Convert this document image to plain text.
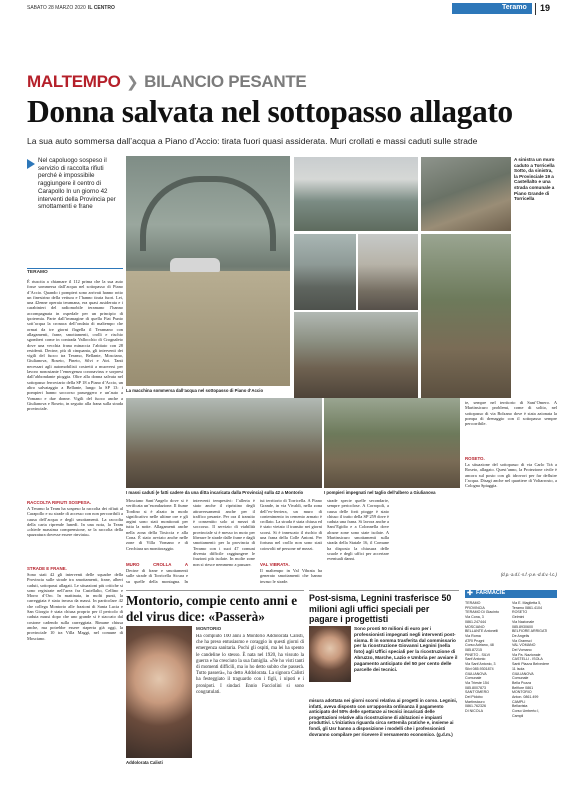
SABATO 28 MARZO 2020 IL CENTRO	Teramo 19
MALTEMPO ❯ BILANCIO PESANTE
Donna salvata nel sottopasso allagato
La sua auto sommersa dall’acqua a Piano d’Accio: tirata fuori quasi assiderata. Muri crollati e massi caduti sulle strade
Nel capoluogo sospeso il servizio di raccolta rifiuti perché è impossibile raggiungere il centro di Carapollo In un giorno 42 interventi della Provincia per smottamenti e frane
La macchina sommersa dall’acqua nel sottopasso di Piano d’Accio
A sinistra un muro caduto a Torricella Sotto, da sinistra, la Provinciale 19 a Castellalto e una strada comunale a Piano Grande di Torricella
TERAMO
È riuscita a chiamare il 112 prima che la sua auto fosse sommersa dall’acqua nel sottopasso di Piano d’Accio. Quando i pompieri sono arrivati hanno rotto un finestrino della vettura e l’hanno tirata fuori. Lei, una 42enne operaia teramana, era quasi assiderata e i carabinieri del radiomobile teramano l’hanno accompagnata in ospedale per un principio di ipotermia. Parte dall’immagine di quella Fiat Punto sott’acqua la cronaca dell’ondata di maltempo che ormai da tre giorni flagella il Teramano con allagamenti, frane, smottamenti, crolli e rischio sgomberi come in contrada Vallocchio di Crognaleto dove una vecchia frana minaccia l’abitato con 28 residenti. Decine, più di cinquanta, gli interventi dei vigili del fuoco tra Teramo, Bellante, Mosciano, Giulianova, Roseto, Pineto, Silvi e Atri. Tanti necessari agli automobilisti costretti a muoversi per lavoro nonostante l’emergenza coronavirus e sorpresi dall’abbondante pioggia. Oltre alla donna salvata nel sottopasso ferroviario della SP 18 a Piano d’Accio, un altro salvataggio a Bellante, lungo la SP 13: i pompieri hanno soccorso passeggero e un’auto a Vomano e due donne. Vigili del fuoco anche a Giulianova e Roseto, in seguito alla frana sulla strada provinciale.
RACCOLTA RIFIUTI SOSPESA.
A Teramo la Team ha sospeso la raccolta dei rifiuti al Carapollo e su strade di accesso con non percorribili a causa dell’acqua e degli smottamenti. La raccolta della carta riprende lunedì. In una nota, la Team «chiede massima comprensione, se la raccolta della spazzatura dovesse essere rinviata».
STRADE E FRANE.
Sono stati 42 gli interventi delle squadre della Provincia sulle strade tra smottamenti, frane, alberi caduti, sottopassi allagati. Le situazioni più critiche si sono registrate nell’area fra Castellalto, Cellino e Morro d’Oro. In mattinata, in molti punti, la carreggiata è stata invasa da massi. In particolare 42 che collega Montorio alle frazioni di Santa Lucia e San Giorgio è stata chiusa proprio per il pericolo di caduta massi dopo che uno grande si è staccato dal costone cadendo sulla carreggiata. Rimane chiusa anche, ma potrebbe essere riaperta già oggi, la provinciale 10 tra Villa Maggi, nel comune di Mosciano.
I massi caduti (e fatti cadere da una ditta incaricata dalla Provincia) sulla 42 a Montorio	I pompieri impegnati nel taglio dell’albero a Giulianova
Mosciano Sant’Angelo dove si è verificata un’esondazione. Il fiume Tordino si è alzato in modo significativo nelle ultime ore e gli argini sono stati monitorati per tutta la notte. Allagamenti anche nella zona della Tosiccia e alla Cona. È stato avviato anche nelle zone di Villa Vomano e di Cerchiara un monitoraggio.
MURO CROLLA A
Decine di frane e smottamenti sulle strade di Torricella Sicura e su quelle della montagna. In
interventi tempestivi: l’allerta è stato anche il ripristino degli attraversamenti anche per il traffico pesante. Per ora il transito è consentito solo ai mezzi di soccorso. Il servizio di viabilità provinciale si è messo in moto per liberare le strade dalle frane e dagli smottamenti: per la provincia di Teramo con i suoi 47 comuni diventa difficile raggiungere le frazioni più isolate. In molte zone non si riesce nemmeno a passare.
tui territorio di Torricella. A Piano Grande, in via Vivaldi, nella zona dell’ex-ferriera, un muro di contenimento in cemento armato è crollato. La strada è stata chiusa ed è stato vietato il transito nei giorni scorsi. Si è innescato il rischio di una frana della Colle Antoni. Per fortuna nel crollo non sono stati coinvolti né persone né mezzi.
VAL VIBRATA.
Il maltempo in Val Vibrata ha generato smottamenti che hanno invaso le strade.
strade specie quelle secondarie, sempre pericolose. A Corropoli, a causa delle forti piogge è stato chiuso il tratto della SP 259 dove è caduta una frana. Si lavora anche a Sant’Egidio e a Colonnella dove alcune zone sono state isolate. A Martinsicuro smottamenti sulla strada della Statale 16, il Comune ha disposto la chiusura delle scuole e degli uffici per accertare eventuali danni.
te, sempre nel territorio di Sant’Omero. A Martinsicuro problemi, come di solito, nel sottopasso di via Bolzano dove è stata azionata la pompa di drenaggio con il sottopasso sempre percorribile.
ROSETO.
La situazione del sottopasso di via Carlo Trà a Roseto, allagato. Quest’anno, la Protezione civile è ancora sul posto con gli idrovori per far defluire l’acqua. Disagi anche nel quartiere di Voltarrosto, a Cologna Spiaggia.
(d.p.-a.d.l.-s.f.-p.e.-d.d.v.-l.c.)
Montorio, compie cento anni e del virus dice: «Passerà»
Addolorata Calisti
MONTORIO
Ha compiuto 100 anni a Montorio Addolorata Calisti, che ha preso entusiasmo e coraggio in questi giorni di emergenza sanitaria. Pochi gli ospiti, ma lei ha spento le candeline lo stesso. È nata nel 1920, ha vissuto la guerra e ha cresciuto la sua famiglia. «Ne ho visti tanti di momenti difficili, ma io ho detto subito che passerà. Tutto passerà», ha detto Addolorata. La signora Calisti ha festeggiato il traguardo con i figli, i nipoti e i pronipoti. I sindaci Ennio Facciolini si sono congratulati.
Post-sisma, Legnini trasferisce 50 milioni agli uffici speciali per pagare i progettisti
Sono pronti 50 milioni di euro per i professionisti impegnati negli interventi post-sisma. È in somma trasferita dal commissario per la ricostruzione Giovanni Legnini (nella foto) agli Uffici speciali per la ricostruzione di Abruzzo, Marche, Lazio e Umbria per avviare il pagamento anticipato del 50 per cento delle parcelle dei tecnici.
misura adottata nei giorni scorsi relativa ai progetti in corso. Legnini, infatti, aveva disposto con un’apposita ordinanza il pagamento anticipato del 50% delle spettanze ai tecnici incaricati delle progettazioni relative alla ricostruzione di abitazioni e impianti produttivi. L’iniziativa riguarda circa settemila pratiche e, insieme ai fondi, gli Usr hanno a disposizione i modelli che i professionisti dovranno compilare per ricevere il versamento economico. (g.d.m.)
✚ FARMACIE
TERAMO
PROVINCIA
TERAMO Di Giacinto
Via Cona, 3
0861.247444
MOSCIANO
BELLANTE Antonelli
Via Roma
ATRI Prugni
Corso Adriano, 48
085.87215
PINETO - SILVI
Sant’Antonio
Via Sant’Antonio, 3
Silvi 085.9301874
GIULIANOVA
Comunale
Via Trieste 154
085.8007873
SANT’OMERO
Del Pidobo
Martinsicuro
0861.762326
DI NICOLA
Via E. Maglietta 5,
Teramo 0861.4104
ROSETO
Gelmini
Via Nazionale
085.8930600
BELFIORE ARRIGATI
De Angelis
Via Gramsci
VAL VOMANO
Del Vomano
Via Pa. Nazionale
CASTELLI - ISOLA
Santi Piazza Belvedere
11 Isola
GIULIANOVA
Comunale
Bella Pozza
Belfiore 0861
MONTORIO
Anton. 0861.499
CAMPLI
Bellavista
Corso Umberto I,
Campli
